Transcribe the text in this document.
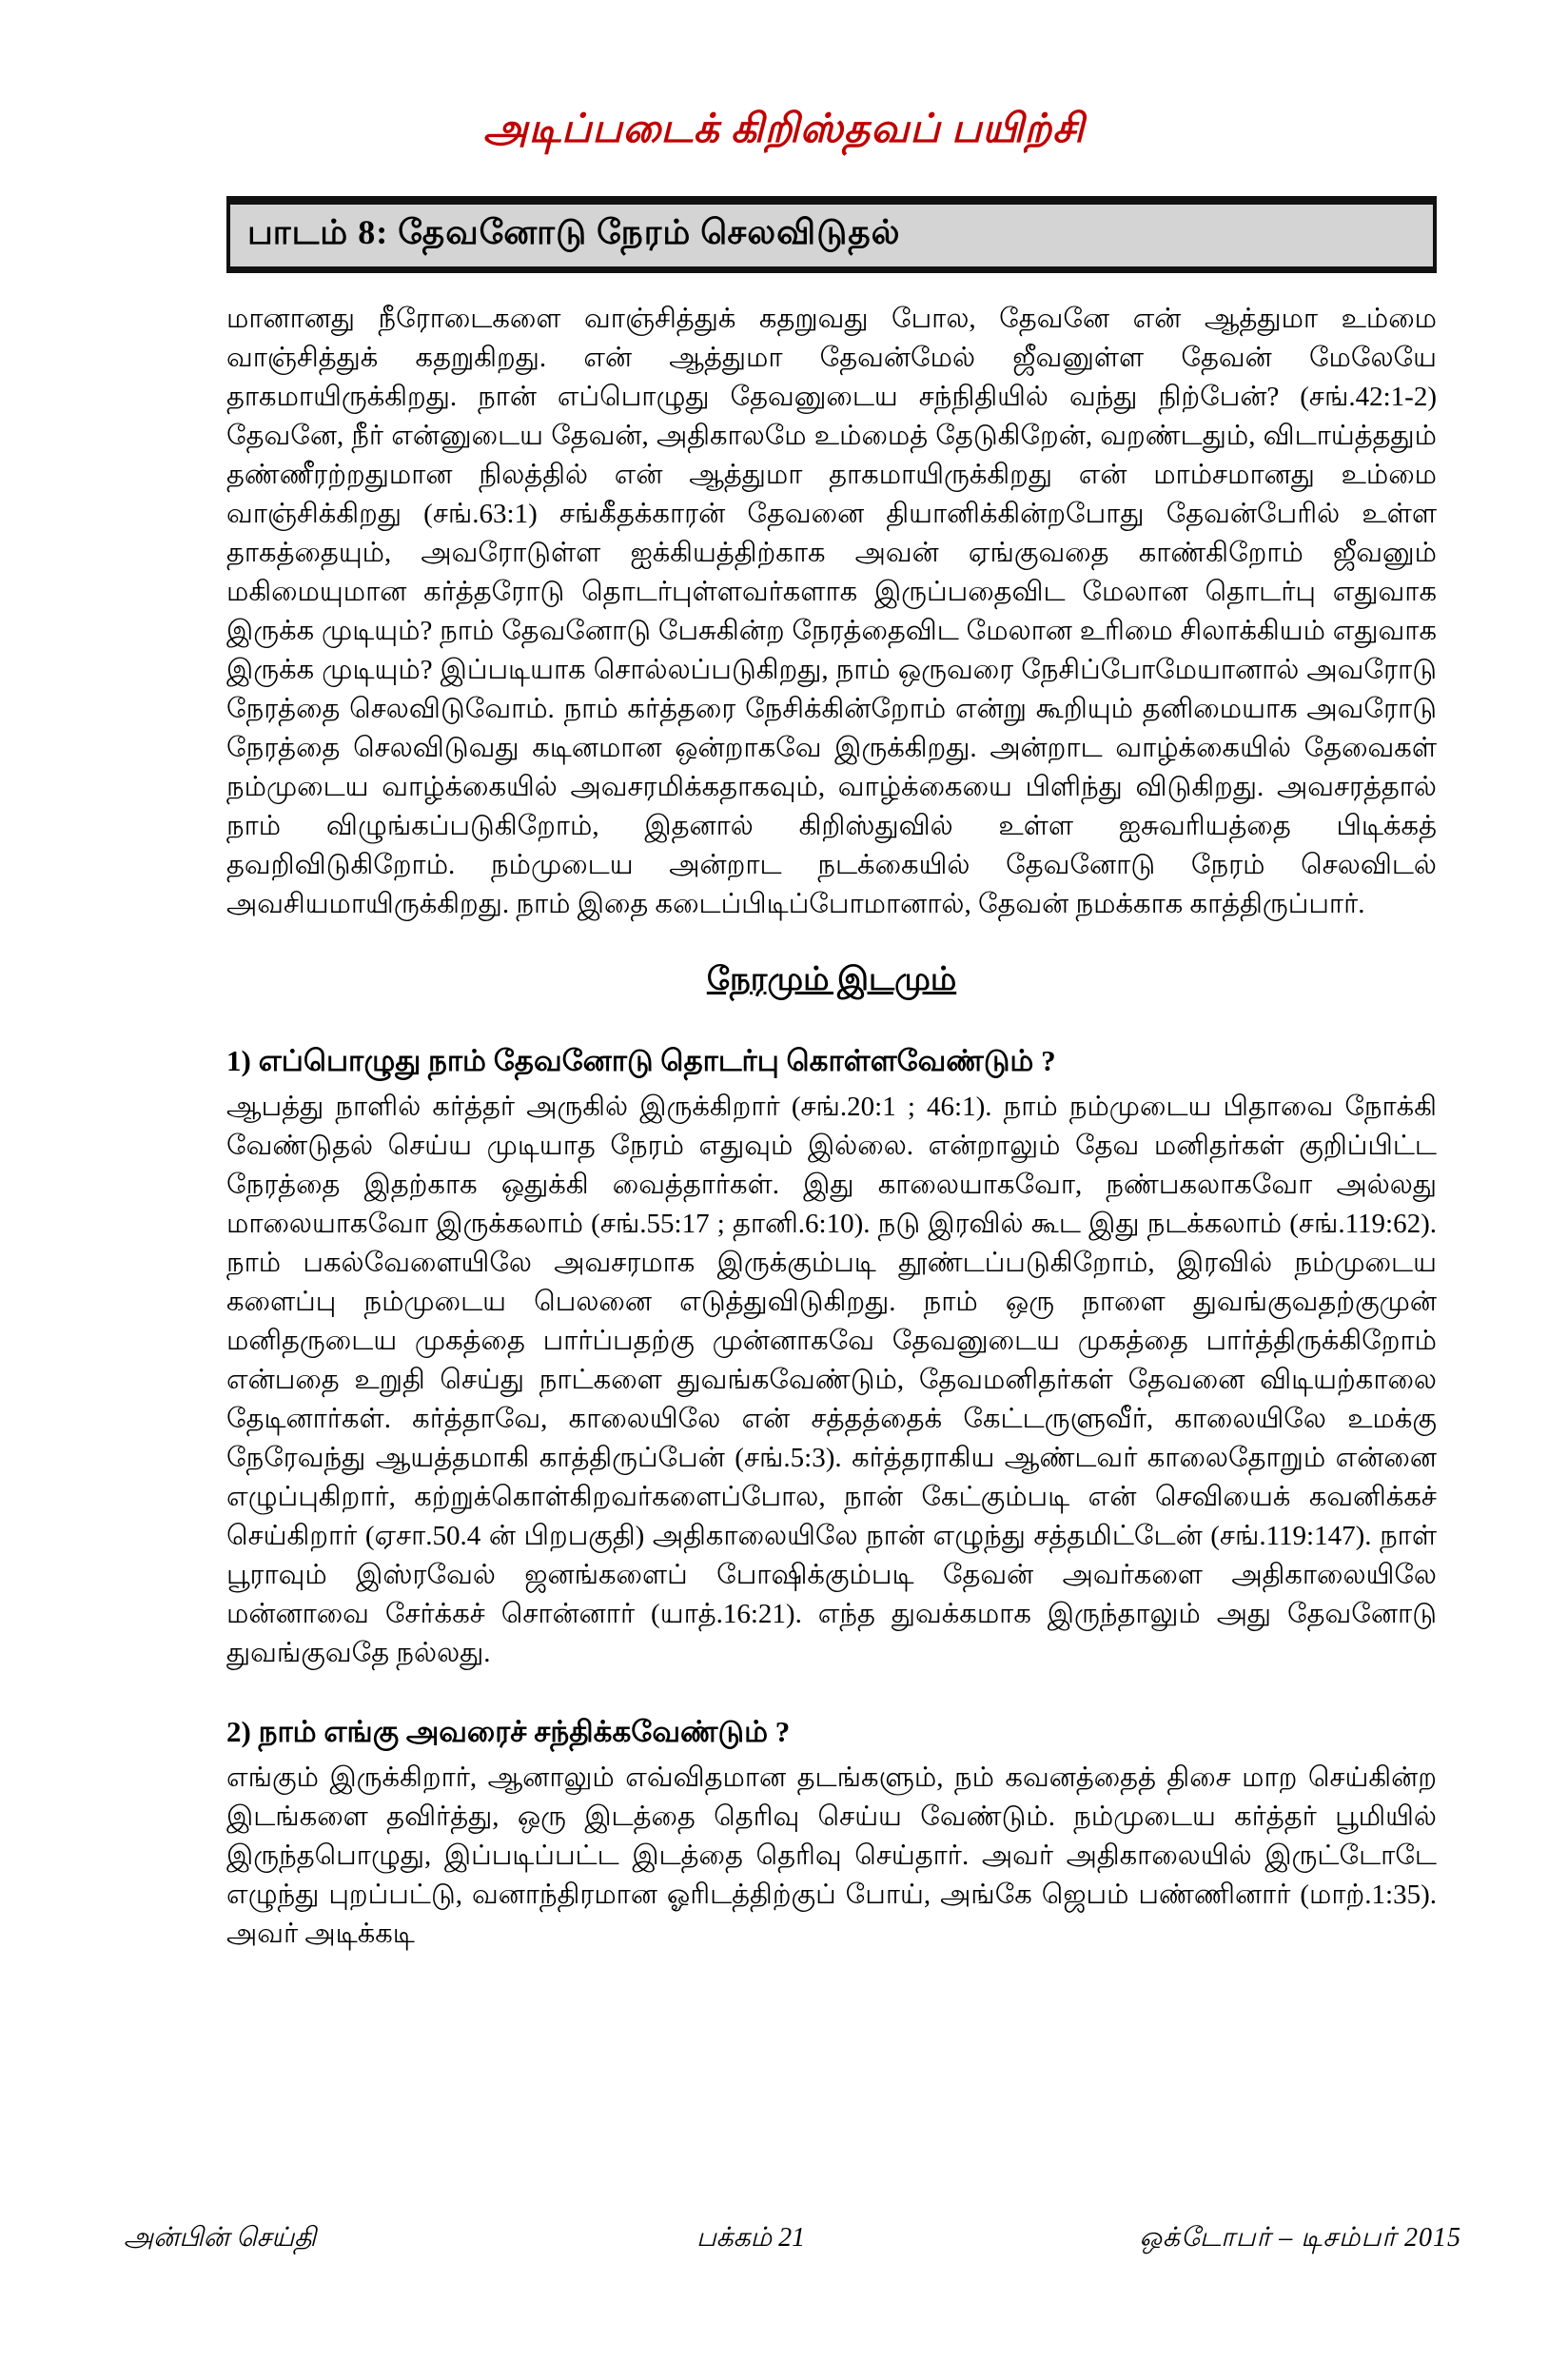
அடிப்படைக் கிறிஸ்தவப் பயிற்சி
பாடம் 8: தேவனோடு நேரம் செலவிடுதல்

மானானது நீரோடைகளை வாஞ்சித்துக் கதறுவது போல, தேவனே என் ஆத்துமா உம்மை வாஞ்சித்துக் கதறுகிறது. என் ஆத்துமா தேவன்மேல் ஜீவனுள்ள தேவன் மேலேயே தாகமாயிருக்கிறது. நான் எப்பொழுது தேவனுடைய சந்நிதியில் வந்து நிற்பேன்? (சங்.42:1-2) தேவனே, நீர் என்னுடைய தேவன், அதிகாலமே உம்மைத் தேடுகிறேன், வறண்டதும், விடாய்த்ததும் தண்ணீரற்றதுமான நிலத்தில் என் ஆத்துமா தாகமாயிருக்கிறது என் மாம்சமானது உம்மை வாஞ்சிக்கிறது (சங்.63:1) சங்கீதக்காரன் தேவனை தியானிக்கின்றபோது தேவன்பேரில் உள்ள தாகத்தையும், அவரோடுள்ள ஐக்கியத்திற்காக அவன் ஏங்குவதை காண்கிறோம் ஜீவனும் மகிமையுமான கர்த்தரோடு தொடர்புள்ளவர்களாக இருப்பதைவிட மேலான தொடர்பு எதுவாக இருக்க முடியும்? நாம் தேவனோடு பேசுகின்ற நேரத்தைவிட மேலான உரிமை சிலாக்கியம் எதுவாக இருக்க முடியும்? இப்படியாக சொல்லப்படுகிறது, நாம் ஒருவரை நேசிப்போமேயானால் அவரோடு நேரத்தை செலவிடுவோம். நாம் கர்த்தரை நேசிக்கின்றோம் என்று கூறியும் தனிமையாக அவரோடு நேரத்தை செலவிடுவது கடினமான ஒன்றாகவே இருக்கிறது. அன்றாட வாழ்க்கையில் தேவைகள் நம்முடைய வாழ்க்கையில் அவசரமிக்கதாகவும், வாழ்க்கையை பிளிந்து விடுகிறது. அவசரத்தால் நாம் விழுங்கப்படுகிறோம், இதனால் கிறிஸ்துவில் உள்ள ஐசுவரியத்தை பிடிக்கத் தவறிவிடுகிறோம். நம்முடைய அன்றாட நடக்கையில் தேவனோடு நேரம் செலவிடல் அவசியமாயிருக்கிறது. நாம் இதை கடைப்பிடிப்போமானால், தேவன் நமக்காக காத்திருப்பார்.

நேரமும் இடமும்
1) எப்பொழுது நாம் தேவனோடு தொடர்பு கொள்ளவேண்டும் ?

ஆபத்து நாளில் கர்த்தர் அருகில் இருக்கிறார் (சங்.20:1 ; 46:1). நாம் நம்முடைய பிதாவை நோக்கி வேண்டுதல் செய்ய முடியாத நேரம் எதுவும் இல்லை. என்றாலும் தேவ மனிதர்கள் குறிப்பிட்ட நேரத்தை இதற்காக ஒதுக்கி வைத்தார்கள். இது காலையாகவோ, நண்பகலாகவோ அல்லது மாலையாகவோ இருக்கலாம் (சங்.55:17 ; தானி.6:10). நடு இரவில் கூட இது நடக்கலாம் (சங்.119:62). நாம் பகல்வேளையிலே அவசரமாக இருக்கும்படி தூண்டப்படுகிறோம், இரவில் நம்முடைய களைப்பு நம்முடைய பெலனை எடுத்துவிடுகிறது. நாம் ஒரு நாளை துவங்குவதற்குமுன் மனிதருடைய முகத்தை பார்ப்பதற்கு முன்னாகவே தேவனுடைய முகத்தை பார்த்திருக்கிறோம் என்பதை உறுதி செய்து நாட்களை துவங்கவேண்டும், தேவமனிதர்கள் தேவனை விடியற்காலை தேடினார்கள். கர்த்தாவே, காலையிலே என் சத்தத்தைக் கேட்டருளுவீர், காலையிலே உமக்கு நேரேவந்து ஆயத்தமாகி காத்திருப்பேன் (சங்.5:3). கர்த்தராகிய ஆண்டவர் காலைதோறும் என்னை எழுப்புகிறார், கற்றுக்கொள்கிறவர்களைப்போல, நான் கேட்கும்படி என் செவியைக் கவனிக்கச் செய்கிறார் (ஏசா.50.4 ன் பிறபகுதி) அதிகாலையிலே நான் எழுந்து சத்தமிட்டேன் (சங்.119:147). நாள் பூராவும் இஸ்ரவேல் ஜனங்களைப் போஷிக்கும்படி தேவன் அவர்களை அதிகாலையிலே மன்னாவை சேர்க்கச் சொன்னார் (யாத்.16:21). எந்த துவக்கமாக இருந்தாலும் அது தேவனோடு துவங்குவதே நல்லது.

2) நாம் எங்கு அவரைச் சந்திக்கவேண்டும் ?

எங்கும் இருக்கிறார், ஆனாலும் எவ்விதமான தடங்களும், நம் கவனத்தைத் திசை மாற செய்கின்ற இடங்களை தவிர்த்து, ஒரு இடத்தை தெரிவு செய்ய வேண்டும். நம்முடைய கர்த்தர் பூமியில் இருந்தபொழுது, இப்படிப்பட்ட இடத்தை தெரிவு செய்தார். அவர் அதிகாலையில் இருட்டோடே எழுந்து புறப்பட்டு, வனாந்திரமான ஓரிடத்திற்குப் போய், அங்கே ஜெபம் பண்ணினார் (மாற்.1:35). அவர் அடிக்கடி

அன்பின் செய்தி	பக்கம் 21	ஒக்டோபர் – டிசம்பர் 2015
